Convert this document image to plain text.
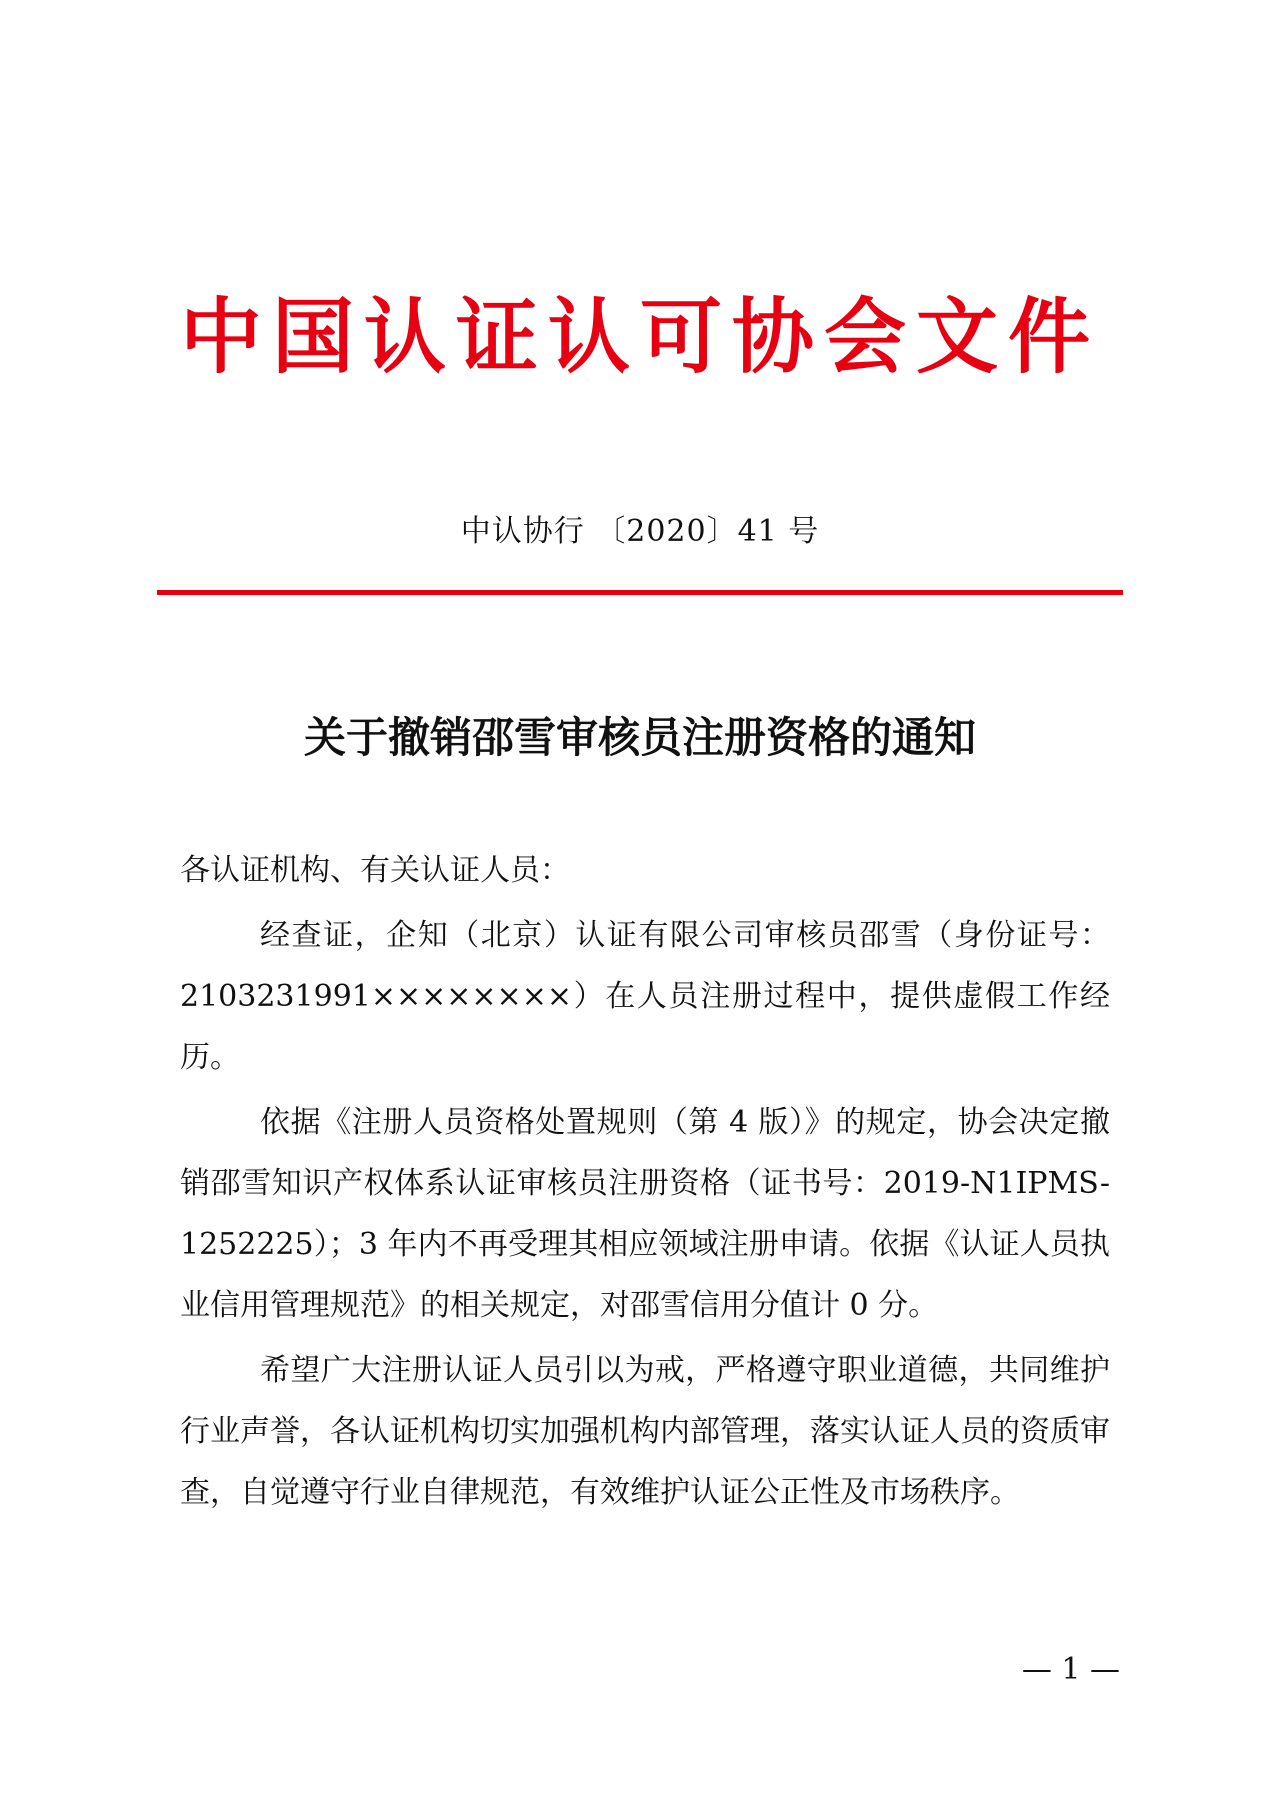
中国认证认可协会文件
中认协行 〔2020〕41 号
关于撤销邵雪审核员注册资格的通知

各认证机构、有关认证人员：

经查证，企知（北京）认证有限公司审核员邵雪（身份证号：2103231991××××××××）在人员注册过程中，提供虚假工作经历。

依据《注册人员资格处置规则（第 4 版）》的规定，协会决定撤销邵雪知识产权体系认证审核员注册资格（证书号：2019-N1IPMS-1252225）；3 年内不再受理其相应领域注册申请。依据《认证人员执业信用管理规范》的相关规定，对邵雪信用分值计 0 分。

希望广大注册认证人员引以为戒，严格遵守职业道德，共同维护行业声誉，各认证机构切实加强机构内部管理，落实认证人员的资质审查，自觉遵守行业自律规范，有效维护认证公正性及市场秩序。

— 1 —
